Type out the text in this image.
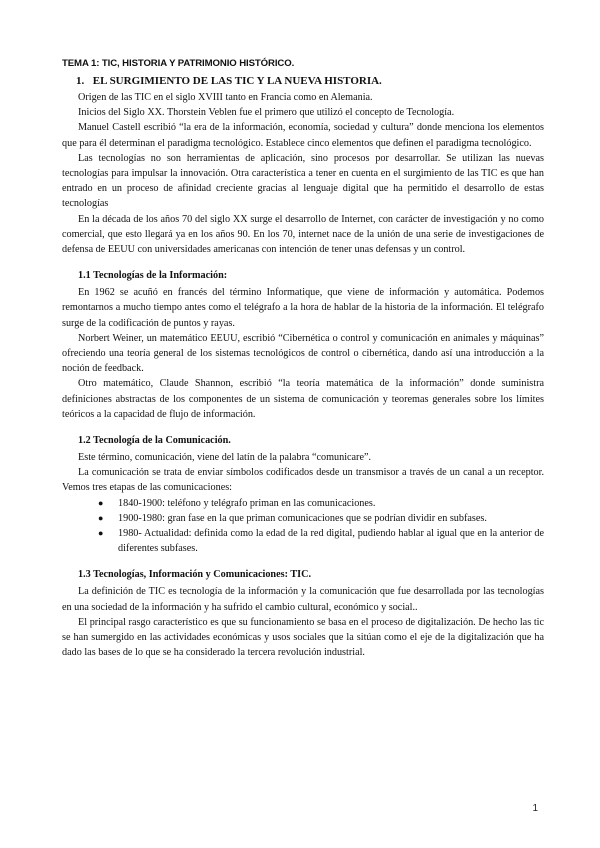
TEMA 1: TIC, HISTORIA Y PATRIMONIO HISTÓRICO.
1. EL SURGIMIENTO DE LAS TIC Y LA NUEVA HISTORIA.

Origen de las TIC en el siglo XVIII tanto en Francia como en Alemania.

Inicios del Siglo XX. Thorstein Veblen fue el primero que utilizó el concepto de Tecnología.

Manuel Castell escribió “la era de la información, economía, sociedad y cultura” donde menciona los elementos que para él determinan el paradigma tecnológico. Establece cinco elementos que definen el paradigma tecnológico.

Las tecnologías no son herramientas de aplicación, sino procesos por desarrollar. Se utilizan las nuevas tecnologías para impulsar la innovación. Otra característica a tener en cuenta en el surgimiento de las TIC es que han entrado en un proceso de afinidad creciente gracias al lenguaje digital que ha permitido el desarrollo de estas tecnologías

En la década de los años 70 del siglo XX surge el desarrollo de Internet, con carácter de investigación y no como comercial, que esto llegará ya en los años 90. En los 70, internet nace de la unión de una serie de investigaciones de defensa de EEUU con universidades americanas con intención de tener unas defensas y un control.

1.1 Tecnologías de la Información:

En 1962 se acuñó en francés del término Informatique, que viene de información y automática. Podemos remontarnos a mucho tiempo antes como el telégrafo a la hora de hablar de la historia de la información. El telégrafo surge de la codificación de puntos y rayas.

Norbert Weiner, un matemático EEUU, escribió “Cibernética o control y comunicación en animales y máquinas” ofreciendo una teoría general de los sistemas tecnológicos de control o cibernética, dando así una introducción a la noción de feedback.

Otro matemático, Claude Shannon, escribió “la teoría matemática de la información” donde suministra definiciones abstractas de los componentes de un sistema de comunicación y teoremas generales sobre los límites teóricos a la capacidad de flujo de información.

1.2 Tecnología de la Comunicación.

Este término, comunicación, viene del latín de la palabra “comunicare”.

La comunicación se trata de enviar símbolos codificados desde un transmisor a través de un canal a un receptor. Vemos tres etapas de las comunicaciones:

● 1840-1900: teléfono y telégrafo priman en las comunicaciones.
● 1900-1980: gran fase en la que priman comunicaciones que se podrían dividir en subfases.
● 1980- Actualidad: definida como la edad de la red digital, pudiendo hablar al igual que en la anterior de diferentes subfases.
1.3 Tecnologías, Información y Comunicaciones: TIC.

La definición de TIC es tecnología de la información y la comunicación que fue desarrollada por las tecnologías en una sociedad de la información y ha sufrido el cambio cultural, económico y social..

El principal rasgo característico es que su funcionamiento se basa en el proceso de digitalización. De hecho las tic se han sumergido en las actividades económicas y usos sociales que la sitúan como el eje de la digitalización que ha dado las bases de lo que se ha considerado la tercera revolución industrial.

1
